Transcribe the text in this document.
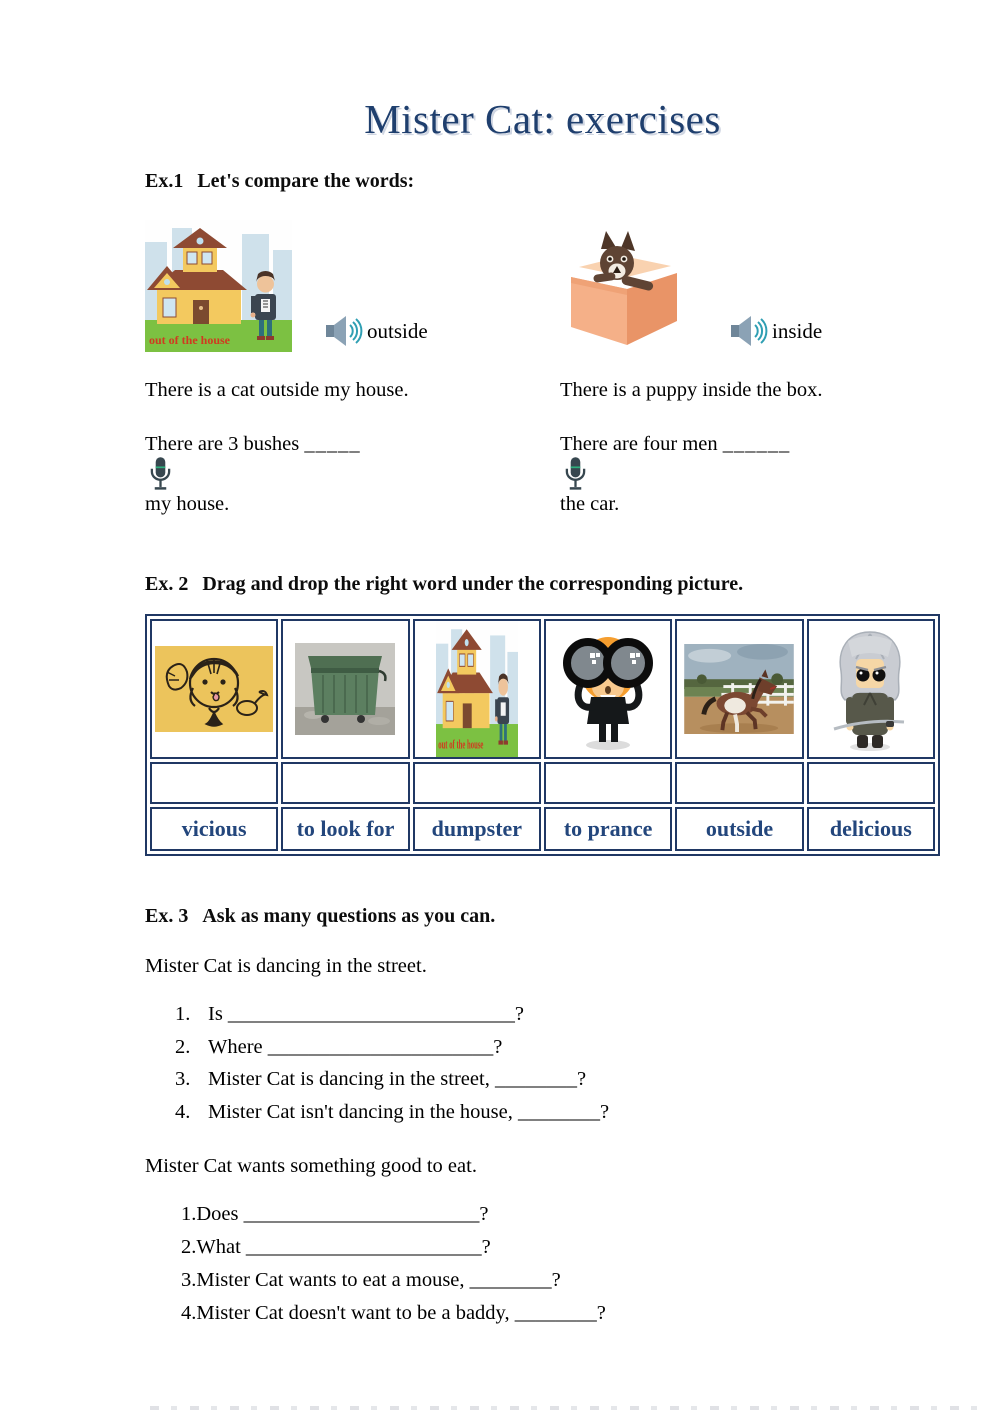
Mister Cat: exercises
Ex.1 Let's compare the words:
out of the house	outside	inside
There is a cat outside my house.	There is a puppy inside the box.
There are 3 bushes _____
my house.
There are four men ______
the car.
Ex. 2 Drag and drop the right word under the corresponding picture.

out of the house

vicious	to look for	dumpster	to prance	outside	delicious
Ex. 3 Ask as many questions as you can.
Mister Cat is dancing in the street.
1. Is ____________________________?
2. Where ______________________?
3. Mister Cat is dancing in the street, ________?
4. Mister Cat isn't dancing in the house, ________?
Mister Cat wants something good to eat.
1. Does _______________________?
2. What _______________________?
3. Mister Cat wants to eat a mouse, ________?
4. Mister Cat doesn't want to be a baddy, ________?
